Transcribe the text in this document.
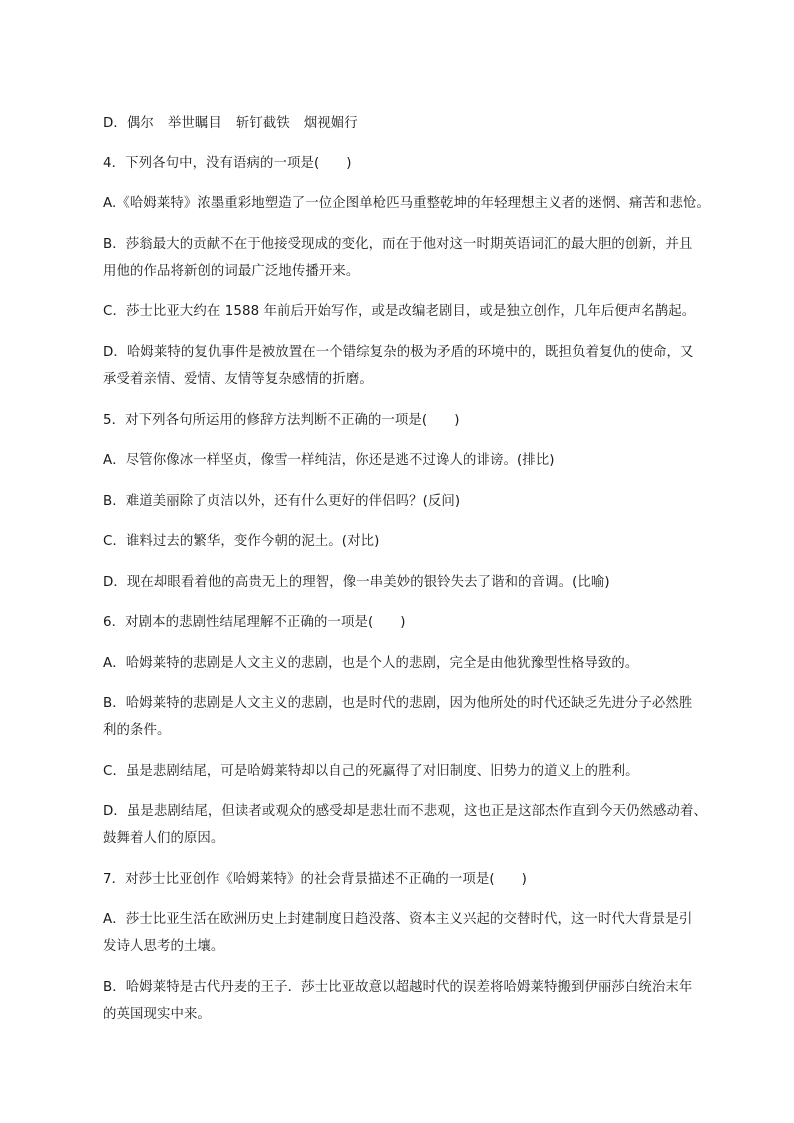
D．偶尔 举世瞩目 斩钉截铁 烟视媚行
4．下列各句中，没有语病的一项是(　　)
A.《哈姆莱特》浓墨重彩地塑造了一位企图单枪匹马重整乾坤的年轻理想主义者的迷惘、痛苦和悲怆。
B．莎翁最大的贡献不在于他接受现成的变化，而在于他对这一时期英语词汇的最大胆的创新，并且
用他的作品将新创的词最广泛地传播开来。
C．莎士比亚大约在 1588 年前后开始写作，或是改编老剧目，或是独立创作，几年后便声名鹊起。
D．哈姆莱特的复仇事件是被放置在一个错综复杂的极为矛盾的环境中的，既担负着复仇的使命，又
承受着亲情、爱情、友情等复杂感情的折磨。
5．对下列各句所运用的修辞方法判断不正确的一项是(　　)
A．尽管你像冰一样坚贞，像雪一样纯洁，你还是逃不过谗人的诽谤。(排比)
B．难道美丽除了贞洁以外，还有什么更好的伴侣吗？(反问)
C．谁料过去的繁华，变作今朝的泥土。(对比)
D．现在却眼看着他的高贵无上的理智，像一串美妙的银铃失去了谐和的音调。(比喻)
6．对剧本的悲剧性结尾理解不正确的一项是(　　)
A．哈姆莱特的悲剧是人文主义的悲剧，也是个人的悲剧，完全是由他犹豫型性格导致的。
B．哈姆莱特的悲剧是人文主义的悲剧，也是时代的悲剧，因为他所处的时代还缺乏先进分子必然胜
利的条件。
C．虽是悲剧结尾，可是哈姆莱特却以自己的死赢得了对旧制度、旧势力的道义上的胜利。
D．虽是悲剧结尾，但读者或观众的感受却是悲壮而不悲观，这也正是这部杰作直到今天仍然感动着、
鼓舞着人们的原因。
7．对莎士比亚创作《哈姆莱特》的社会背景描述不正确的一项是(　　)
A．莎士比亚生活在欧洲历史上封建制度日趋没落、资本主义兴起的交替时代，这一时代大背景是引
发诗人思考的土壤。
B．哈姆莱特是古代丹麦的王子．莎士比亚故意以超越时代的误差将哈姆莱特搬到伊丽莎白统治末年
的英国现实中来。
